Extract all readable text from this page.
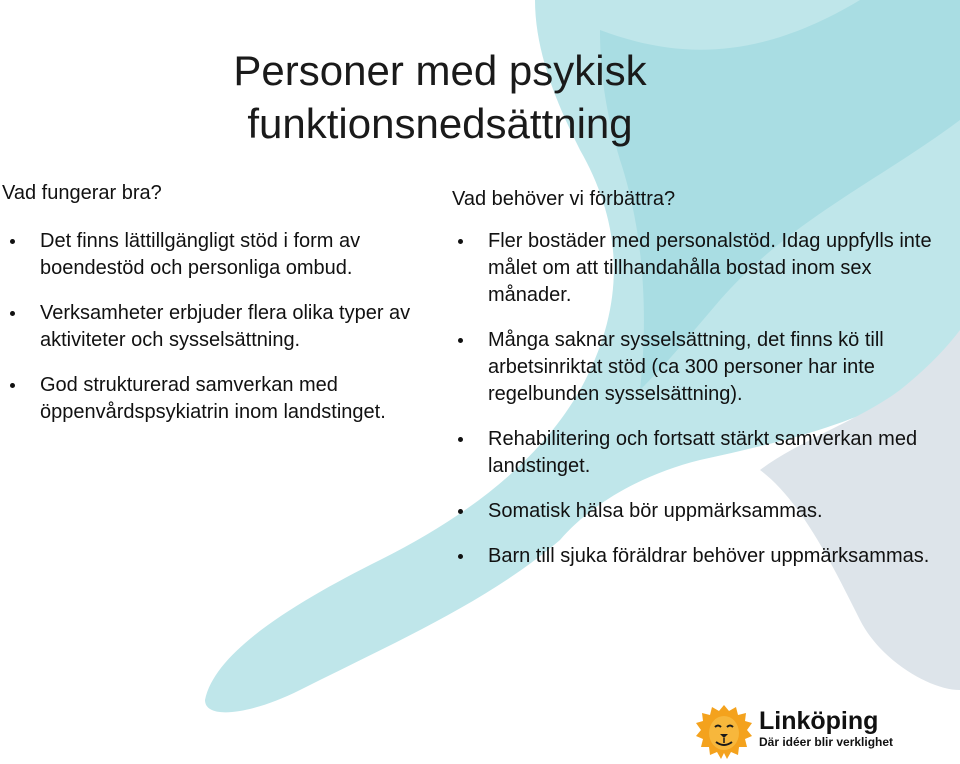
Personer med psykisk
funktionsnedsättning
Vad fungerar bra?
Det finns lättillgängligt stöd i form av boendestöd och personliga ombud.
Verksamheter erbjuder flera olika typer av aktiviteter och sysselsättning.
God strukturerad samverkan med öppenvårdspsykiatrin inom landstinget.
Vad behöver vi förbättra?
Fler bostäder med personalstöd. Idag uppfylls inte målet om att tillhandahålla bostad inom sex månader.
Många saknar sysselsättning, det finns kö till arbetsinriktat stöd (ca 300 personer har inte regelbunden sysselsättning).
Rehabilitering och fortsatt stärkt samverkan med landstinget.
Somatisk hälsa bör uppmärksammas.
Barn till sjuka föräldrar behöver uppmärksammas.
Linköping
Där idéer blir verklighet
